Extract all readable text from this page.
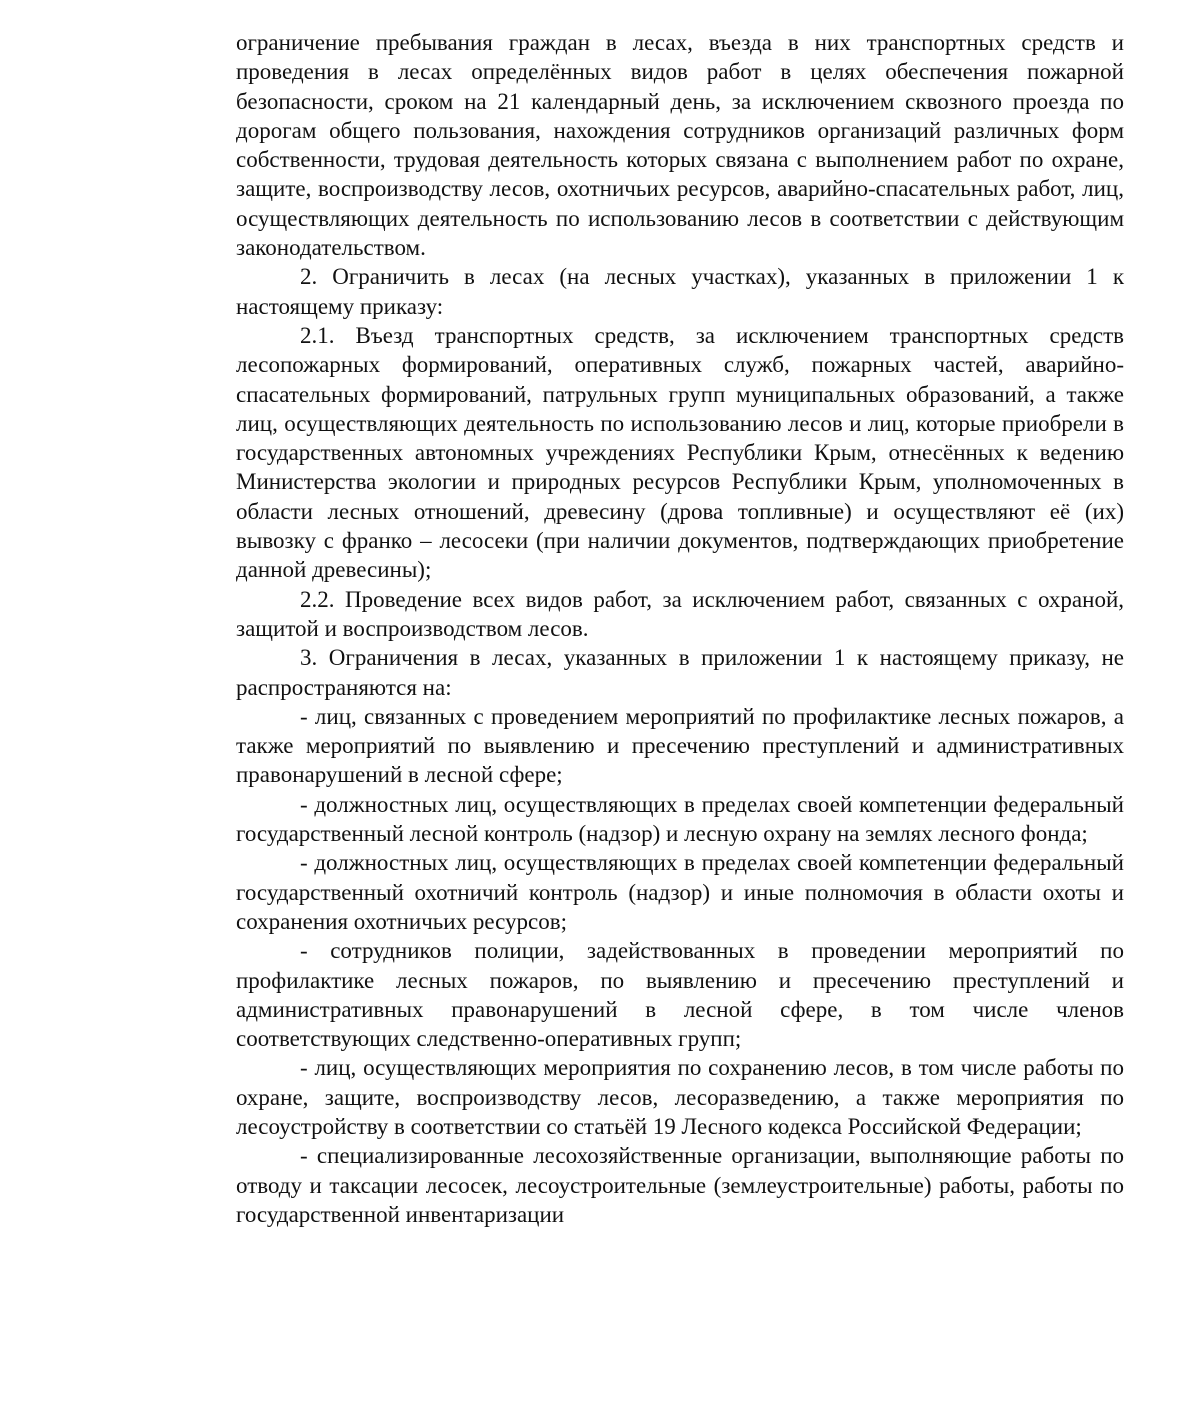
ограничение пребывания граждан в лесах, въезда в них транспортных средств и проведения в лесах определённых видов работ в целях обеспечения пожарной безопасности, сроком на 21 календарный день, за исключением сквозного проезда по дорогам общего пользования, нахождения сотрудников организаций различных форм собственности, трудовая деятельность которых связана с выполнением работ по охране, защите, воспроизводству лесов, охотничьих ресурсов, аварийно-спасательных работ, лиц, осуществляющих деятельность по использованию лесов в соответствии с действующим законодательством.

2. Ограничить в лесах (на лесных участках), указанных в приложении 1 к настоящему приказу:

2.1. Въезд транспортных средств, за исключением транспортных средств лесопожарных формирований, оперативных служб, пожарных частей, аварийно-спасательных формирований, патрульных групп муниципальных образований, а также лиц, осуществляющих деятельность по использованию лесов и лиц, которые приобрели в государственных автономных учреждениях Республики Крым, отнесённых к ведению Министерства экологии и природных ресурсов Республики Крым, уполномоченных в области лесных отношений, древесину (дрова топливные) и осуществляют её (их) вывозку с франко – лесосеки (при наличии документов, подтверждающих приобретение данной древесины);

2.2. Проведение всех видов работ, за исключением работ, связанных с охраной, защитой и воспроизводством лесов.

3. Ограничения в лесах, указанных в приложении 1 к настоящему приказу, не распространяются на:

- лиц, связанных с проведением мероприятий по профилактике лесных пожаров, а также мероприятий по выявлению и пресечению преступлений и административных правонарушений в лесной сфере;

- должностных лиц, осуществляющих в пределах своей компетенции федеральный государственный лесной контроль (надзор) и лесную охрану на землях лесного фонда;

- должностных лиц, осуществляющих в пределах своей компетенции федеральный государственный охотничий контроль (надзор) и иные полномочия в области охоты и сохранения охотничьих ресурсов;

- сотрудников полиции, задействованных в проведении мероприятий по профилактике лесных пожаров, по выявлению и пресечению преступлений и административных правонарушений в лесной сфере, в том числе членов соответствующих следственно-оперативных групп;

- лиц, осуществляющих мероприятия по сохранению лесов, в том числе работы по охране, защите, воспроизводству лесов, лесоразведению, а также мероприятия по лесоустройству в соответствии со статьёй 19 Лесного кодекса Российской Федерации;

- специализированные лесохозяйственные организации, выполняющие работы по отводу и таксации лесосек, лесоустроительные (землеустроительные) работы, работы по государственной инвентаризации
